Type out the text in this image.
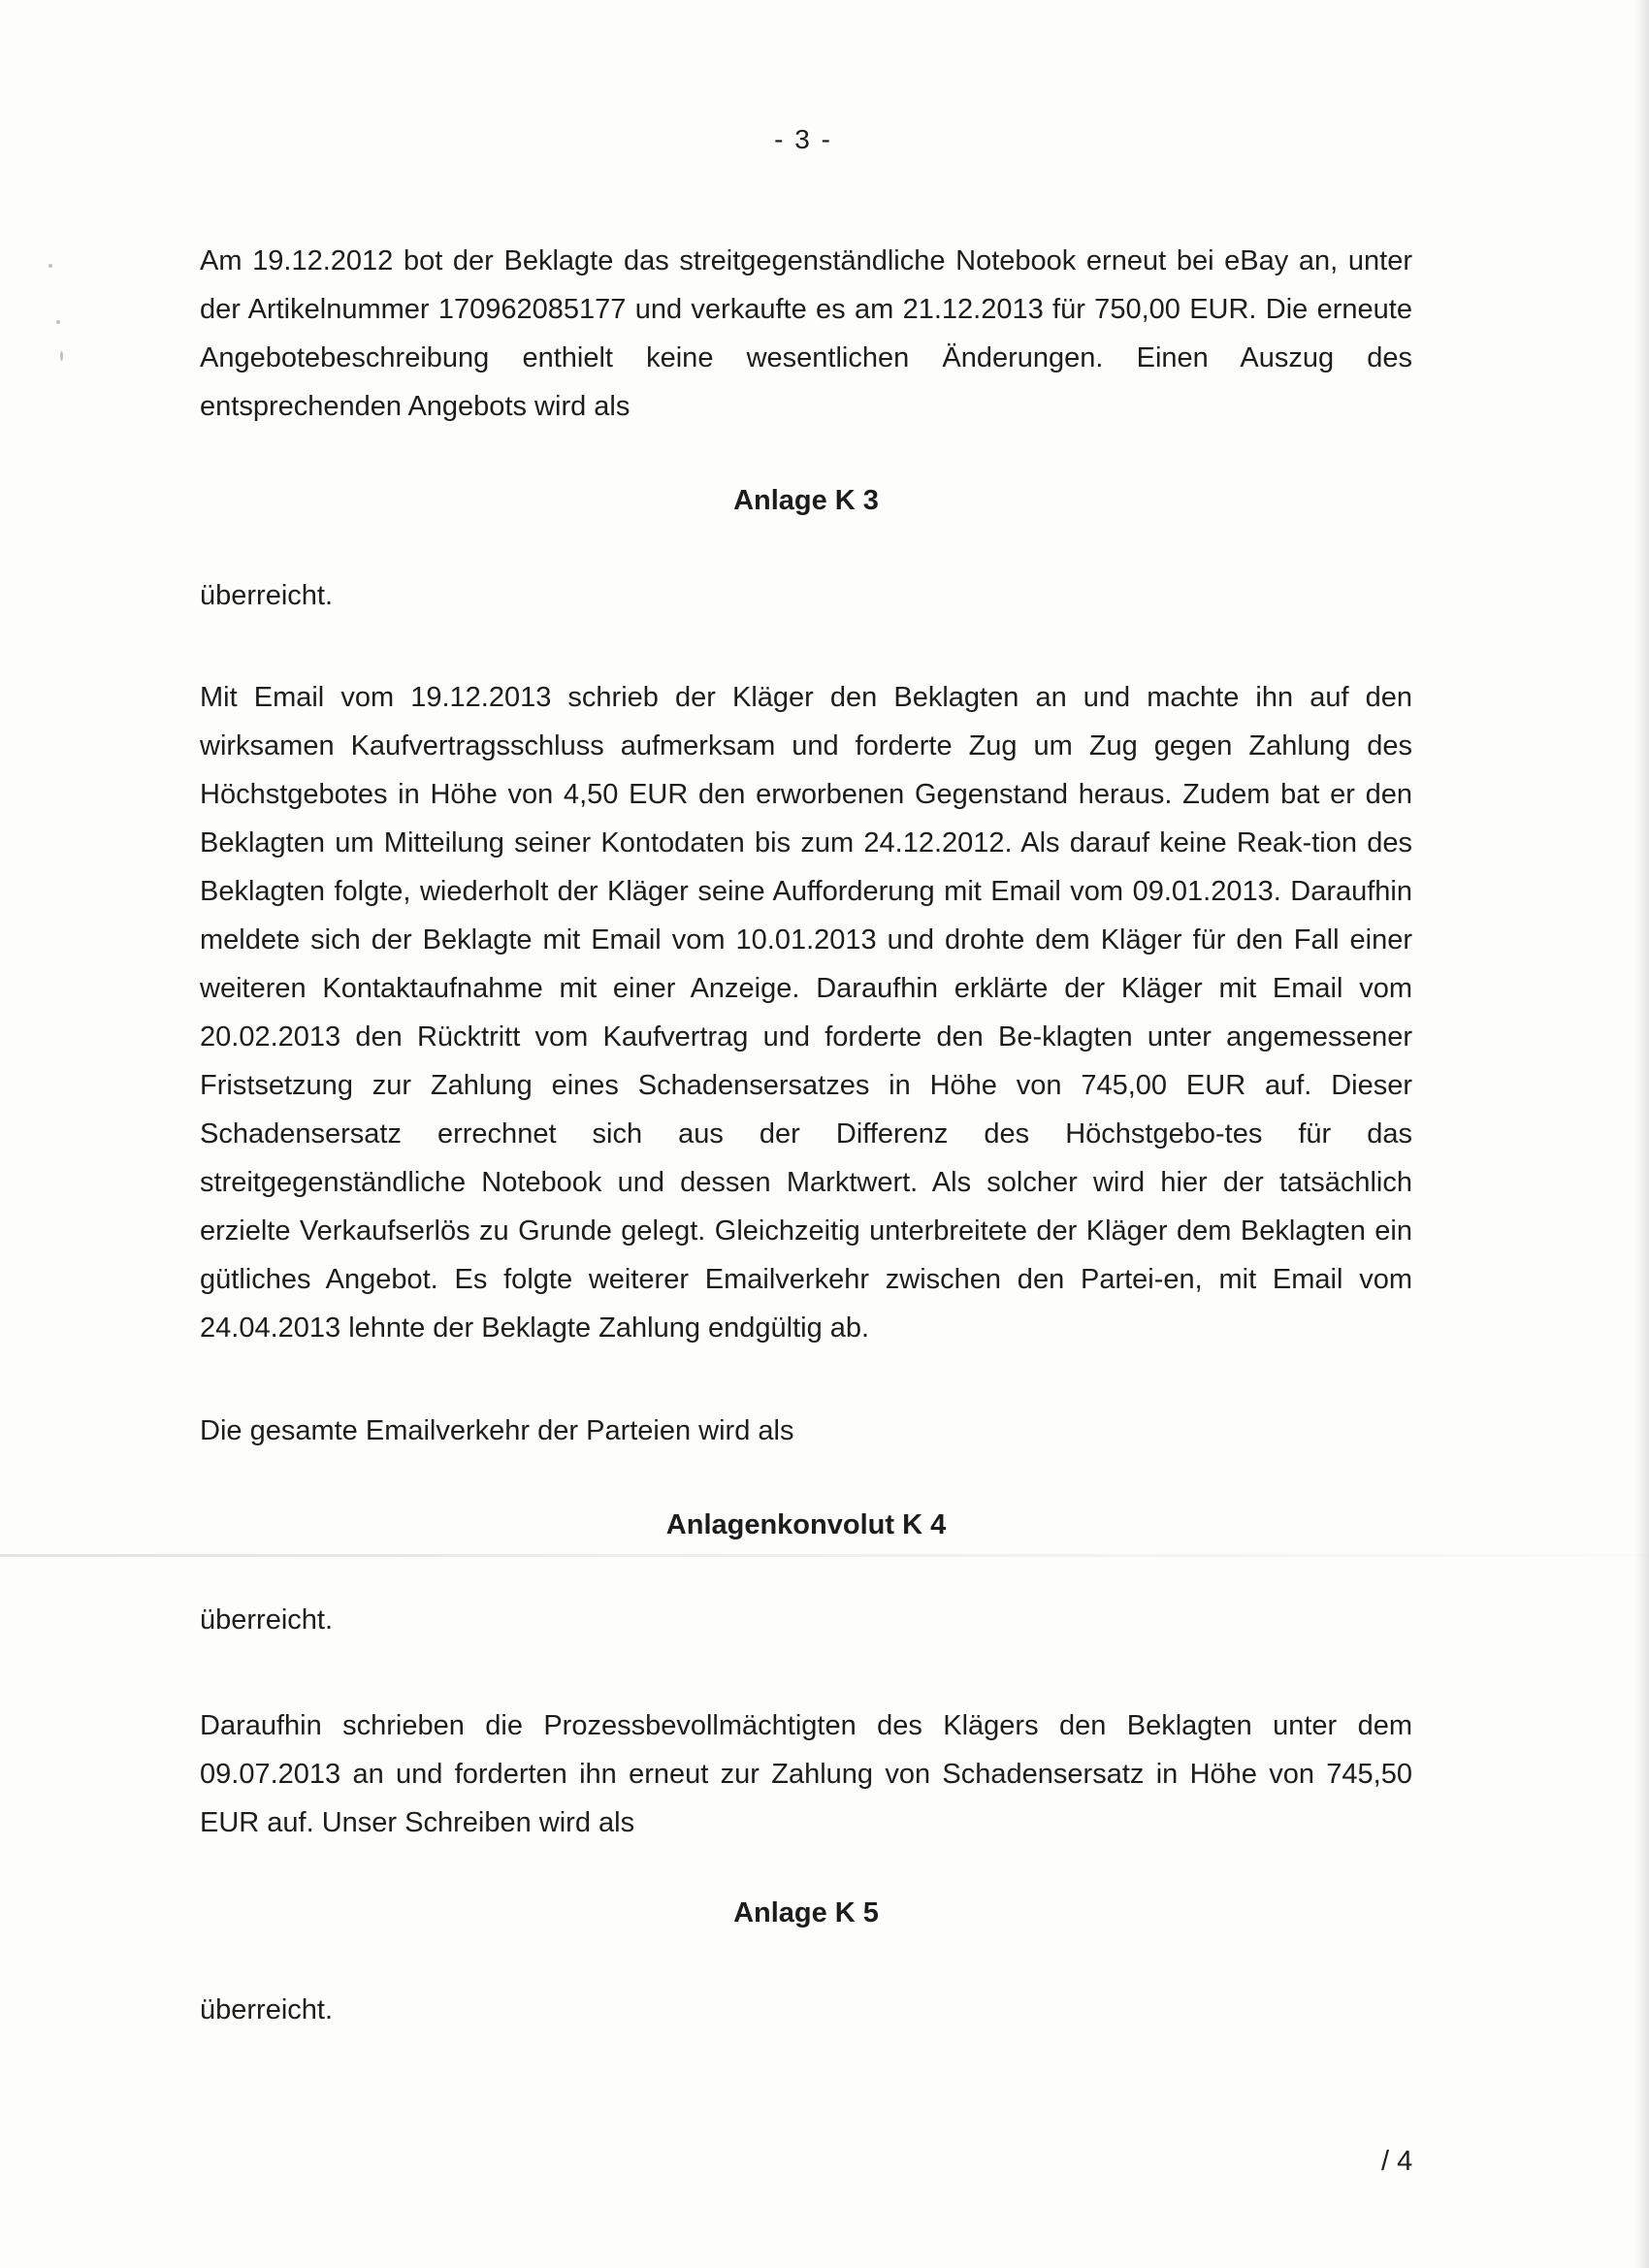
- 3 -

Am 19.12.2012 bot der Beklagte das streitgegenständliche Notebook erneut bei eBay an, unter der Artikelnummer 170962085177 und verkaufte es am 21.12.2013 für 750,00 EUR. Die erneute Angebotebeschreibung enthielt keine wesentlichen Änderungen. Einen Auszug des entsprechenden Angebots wird als

Anlage K 3
überreicht.

Mit Email vom 19.12.2013 schrieb der Kläger den Beklagten an und machte ihn auf den wirksamen Kaufvertragsschluss aufmerksam und forderte Zug um Zug gegen Zahlung des Höchstgebotes in Höhe von 4,50 EUR den erworbenen Gegenstand heraus. Zudem bat er den Beklagten um Mitteilung seiner Kontodaten bis zum 24.12.2012. Als darauf keine Reak-tion des Beklagten folgte, wiederholt der Kläger seine Aufforderung mit Email vom 09.01.2013. Daraufhin meldete sich der Beklagte mit Email vom 10.01.2013 und drohte dem Kläger für den Fall einer weiteren Kontaktaufnahme mit einer Anzeige. Daraufhin erklärte der Kläger mit Email vom 20.02.2013 den Rücktritt vom Kaufvertrag und forderte den Be-klagten unter angemessener Fristsetzung zur Zahlung eines Schadensersatzes in Höhe von 745,00 EUR auf. Dieser Schadensersatz errechnet sich aus der Differenz des Höchstgebo-tes für das streitgegenständliche Notebook und dessen Marktwert. Als solcher wird hier der tatsächlich erzielte Verkaufserlös zu Grunde gelegt. Gleichzeitig unterbreitete der Kläger dem Beklagten ein gütliches Angebot. Es folgte weiterer Emailverkehr zwischen den Partei-en, mit Email vom 24.04.2013 lehnte der Beklagte Zahlung endgültig ab.

Die gesamte Emailverkehr der Parteien wird als

Anlagenkonvolut K 4
überreicht.

Daraufhin schrieben die Prozessbevollmächtigten des Klägers den Beklagten unter dem 09.07.2013 an und forderten ihn erneut zur Zahlung von Schadensersatz in Höhe von 745,50 EUR auf. Unser Schreiben wird als

Anlage K 5
überreicht.
/ 4
